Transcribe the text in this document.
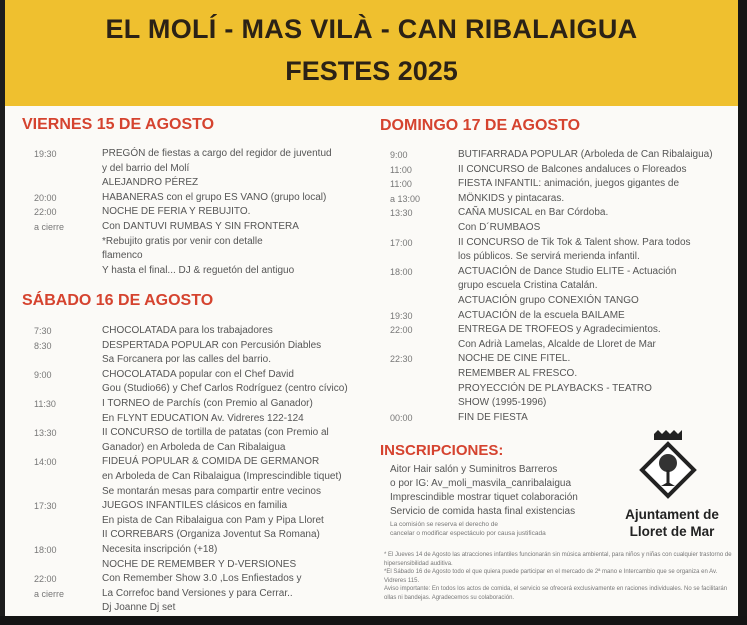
EL MOLÍ - MAS VILÀ - CAN RIBALAIGUA
FESTES 2025
VIERNES 15 DE AGOSTO
19:30	PREGÓN de fiestas a cargo del regidor de juventud
y del barrio del Molí
ALEJANDRO PÉREZ
20:00	HABANERAS con el grupo ES VANO (grupo local)
22:00	NOCHE DE FERIA Y REBUJITO.
a cierre	Con DANTUVI RUMBAS Y SIN FRONTERA
*Rebujito gratis por venir con detalle
flamenco
Y hasta el final... DJ & reguetón del antiguo
SÁBADO 16 DE AGOSTO
7:30	CHOCOLATADA para los trabajadores
8:30	DESPERTADA POPULAR con Percusión Diables
Sa Forcanera por las calles del barrio.
9:00	CHOCOLATADA popular con el Chef David
Gou (Studio66) y Chef Carlos Rodríguez (centro cívico)
11:30	I TORNEO de Parchís (con Premio al Ganador)
En FLYNT EDUCATION Av. Vidreres 122-124
13:30	II CONCURSO de tortilla de patatas (con Premio al
Ganador) en Arboleda de Can Ribalaigua
14:00	FIDEUÁ POPULAR & COMIDA DE GERMANOR
en Arboleda de Can Ribalaigua (Imprescindible tiquet)
Se montarán mesas para compartir entre vecinos
17:30	JUEGOS INFANTILES clásicos en familia
En pista de Can Ribalaigua con Pam y Pipa Lloret
II CORREBARS (Organiza Joventut Sa Romana)
18:00	Necesita inscripción (+18)
NOCHE DE REMEMBER Y D-VERSIONES
22:00	Con Remember Show 3.0 ,Los Enfiestados y
a cierre	La Correfoc band Versiones y para Cerrar..
Dj Joanne Dj set
DOMINGO 17 DE AGOSTO
9:00	BUTIFARRADA POPULAR (Arboleda de Can Ribalaigua)
11:00	II CONCURSO de Balcones andaluces o Floreados
11:00	FIESTA INFANTIL: animación, juegos gigantes de
a 13:00	MÖNKIDS y pintacaras.
13:30	CAÑA MUSICAL en Bar Córdoba.
Con D´RUMBAOS
17:00	II CONCURSO de Tik Tok & Talent show. Para todos
los públicos. Se servirá merienda infantil.
18:00	ACTUACIÓN de Dance Studio ELITE - Actuación
grupo escuela Cristina Catalán.
ACTUACIÓN grupo CONEXIÓN TANGO
19:30	ACTUACIÓN de la escuela BAILAME
22:00	ENTREGA DE TROFEOS y Agradecimientos.
Con Adrià Lamelas, Alcalde de Lloret de Mar
22:30	NOCHE DE CINE FITEL.
REMEMBER AL FRESCO.
PROYECCIÓN DE PLAYBACKS - TEATRO
SHOW (1995-1996)
00:00	FIN DE FIESTA
INSCRIPCIONES:
Aitor Hair salón y Suminitros Barreros
o por IG: Av_moli_masvila_canribalaigua
Imprescindible mostrar tiquet colaboración
Servicio de comida hasta final existencias
La comisión se reserva el derecho de
cancelar o modificar espectáculo por causa justificada
Ajuntament de
Lloret de Mar
* El Jueves 14 de Agosto las atracciones infantiles funcionarán sin música ambiental, para niños y niñas con cualquier trastorno de hipersensibilidad auditiva.
*El Sábado 16 de Agosto todo el que quiera puede participar en el mercado de 2ª mano e Intercambio que se organiza en Av. Vidreres 115.
Aviso importante: En todos los actos de comida, el servicio se ofrecerá exclusivamente en raciones individuales. No se facilitarán ollas ni bandejas. Agradecemos su colaboración.
